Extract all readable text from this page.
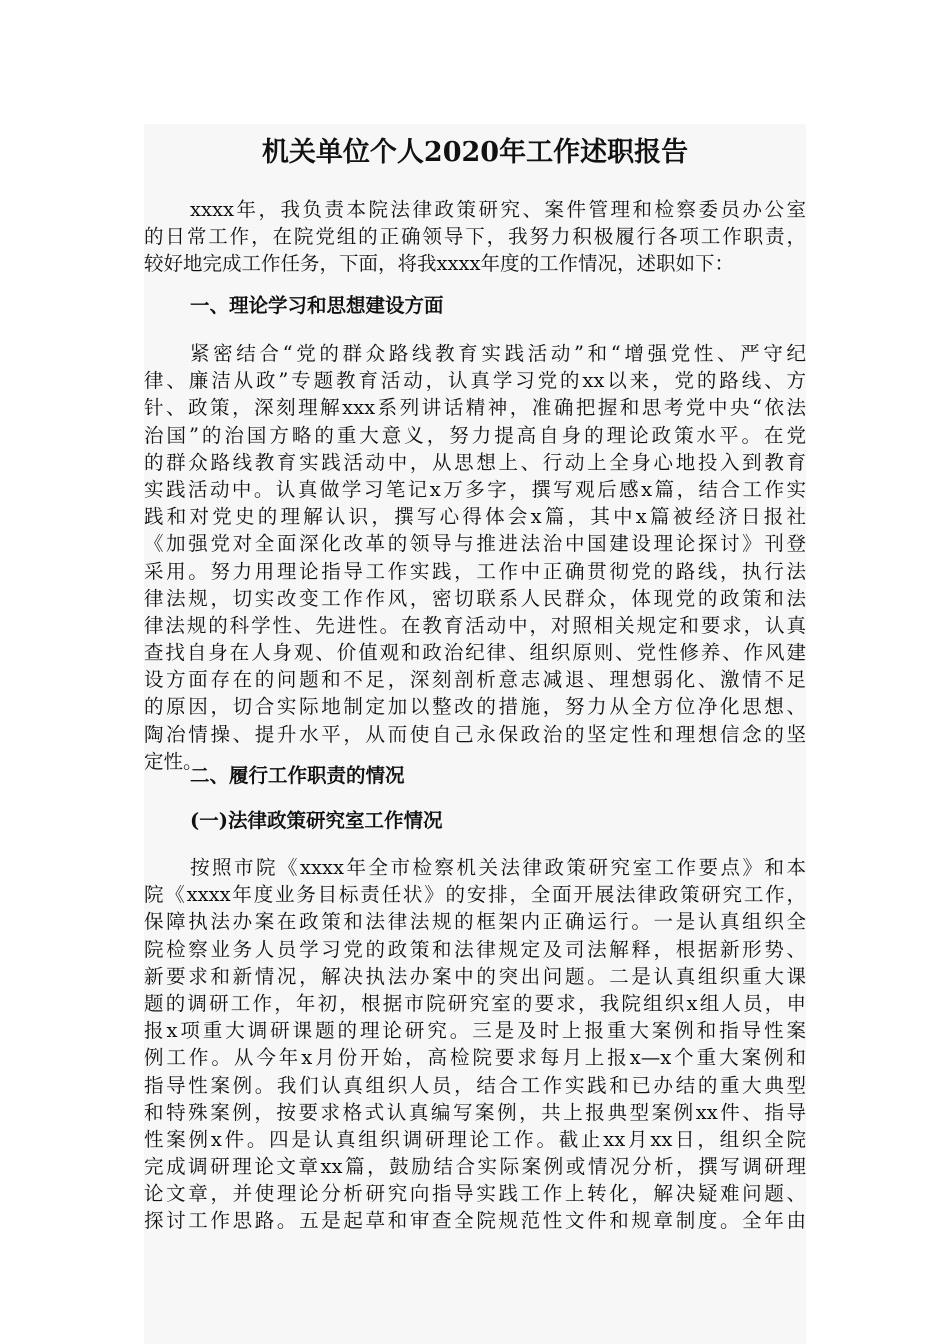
机关单位个人2020年工作述职报告
xxxx年，我负责本院法律政策研究、案件管理和检察委员办公室
的日常工作，在院党组的正确领导下，我努力积极履行各项工作职责，
较好地完成工作任务，下面，将我xxxx年度的工作情况，述职如下：
一、理论学习和思想建设方面
紧密结合“党的群众路线教育实践活动”和“增强党性、严守纪
律、廉洁从政”专题教育活动，认真学习党的xx以来，党的路线、方
针、政策，深刻理解xxx系列讲话精神，准确把握和思考党中央“依法
治国”的治国方略的重大意义，努力提高自身的理论政策水平。在党
的群众路线教育实践活动中，从思想上、行动上全身心地投入到教育
实践活动中。认真做学习笔记x万多字，撰写观后感x篇，结合工作实
践和对党史的理解认识，撰写心得体会x篇，其中x篇被经济日报社
《加强党对全面深化改革的领导与推进法治中国建设理论探讨》刊登
采用。努力用理论指导工作实践，工作中正确贯彻党的路线，执行法
律法规，切实改变工作作风，密切联系人民群众，体现党的政策和法
律法规的科学性、先进性。在教育活动中，对照相关规定和要求，认真
查找自身在人身观、价值观和政治纪律、组织原则、党性修养、作风建
设方面存在的问题和不足，深刻剖析意志减退、理想弱化、激情不足
的原因，切合实际地制定加以整改的措施，努力从全方位净化思想、
陶冶情操、提升水平，从而使自己永保政治的坚定性和理想信念的坚
定性。
二、履行工作职责的情况
(一)法律政策研究室工作情况
按照市院《xxxx年全市检察机关法律政策研究室工作要点》和本
院《xxxx年度业务目标责任状》的安排，全面开展法律政策研究工作，
保障执法办案在政策和法律法规的框架内正确运行。一是认真组织全
院检察业务人员学习党的政策和法律规定及司法解释，根据新形势、
新要求和新情况，解决执法办案中的突出问题。二是认真组织重大课
题的调研工作，年初，根据市院研究室的要求，我院组织x组人员，申
报x项重大调研课题的理论研究。三是及时上报重大案例和指导性案
例工作。从今年x月份开始，高检院要求每月上报x—x个重大案例和
指导性案例。我们认真组织人员，结合工作实践和已办结的重大典型
和特殊案例，按要求格式认真编写案例，共上报典型案例xx件、指导
性案例x件。四是认真组织调研理论工作。截止xx月xx日，组织全院
完成调研理论文章xx篇，鼓励结合实际案例或情况分析，撰写调研理
论文章，并使理论分析研究向指导实践工作上转化，解决疑难问题、
探讨工作思路。五是起草和审查全院规范性文件和规章制度。全年由
